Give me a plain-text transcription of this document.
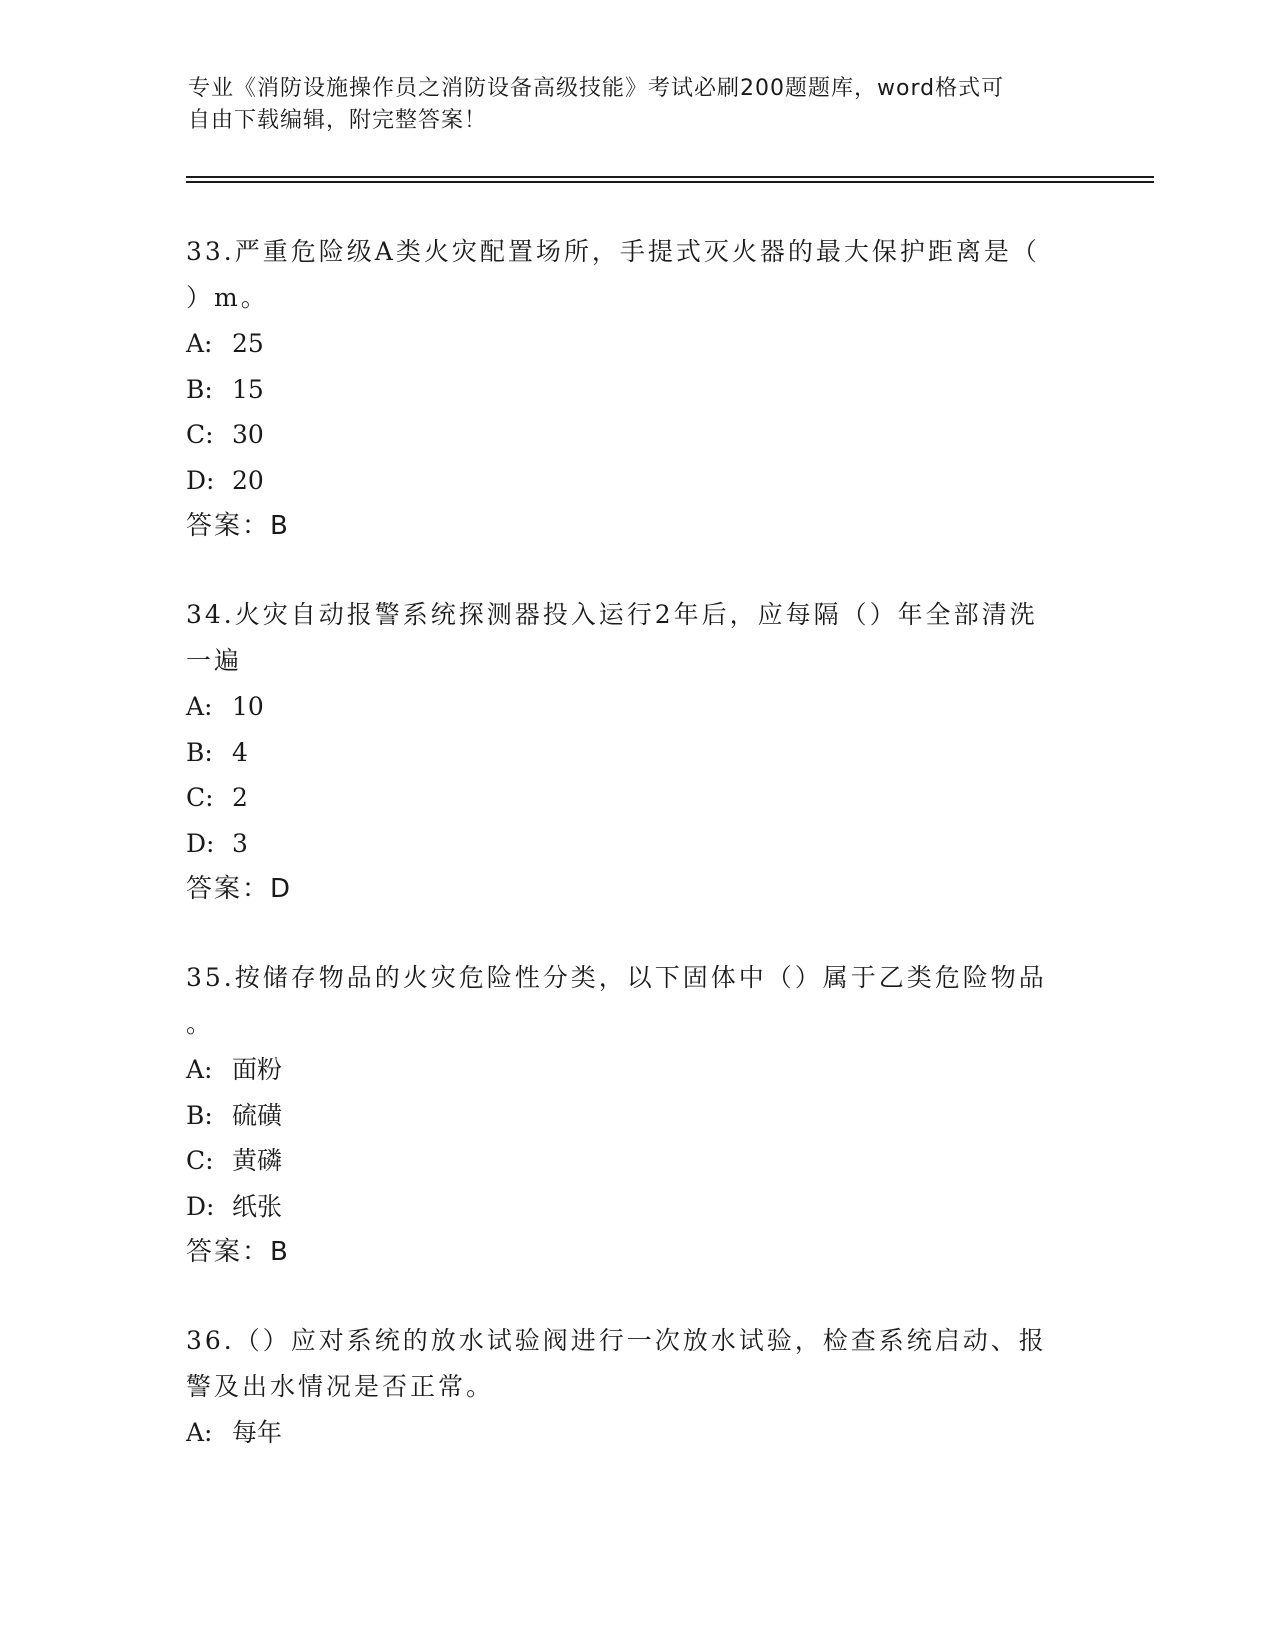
专业《消防设施操作员之消防设备高级技能》考试必刷200题题库，word格式可
自由下载编辑，附完整答案！
33.严重危险级A类火灾配置场所，手提式灭火器的最大保护距离是（
）m。
A: 25
B: 15
C: 30
D: 20
答案：B
34.火灾自动报警系统探测器投入运行2年后，应每隔（）年全部清洗
一遍
A: 10
B: 4
C: 2
D: 3
答案：D
35.按储存物品的火灾危险性分类，以下固体中（）属于乙类危险物品
。
A: 面粉
B: 硫磺
C: 黄磷
D: 纸张
答案：B
36.（）应对系统的放水试验阀进行一次放水试验，检查系统启动、报
警及出水情况是否正常。
A: 每年
